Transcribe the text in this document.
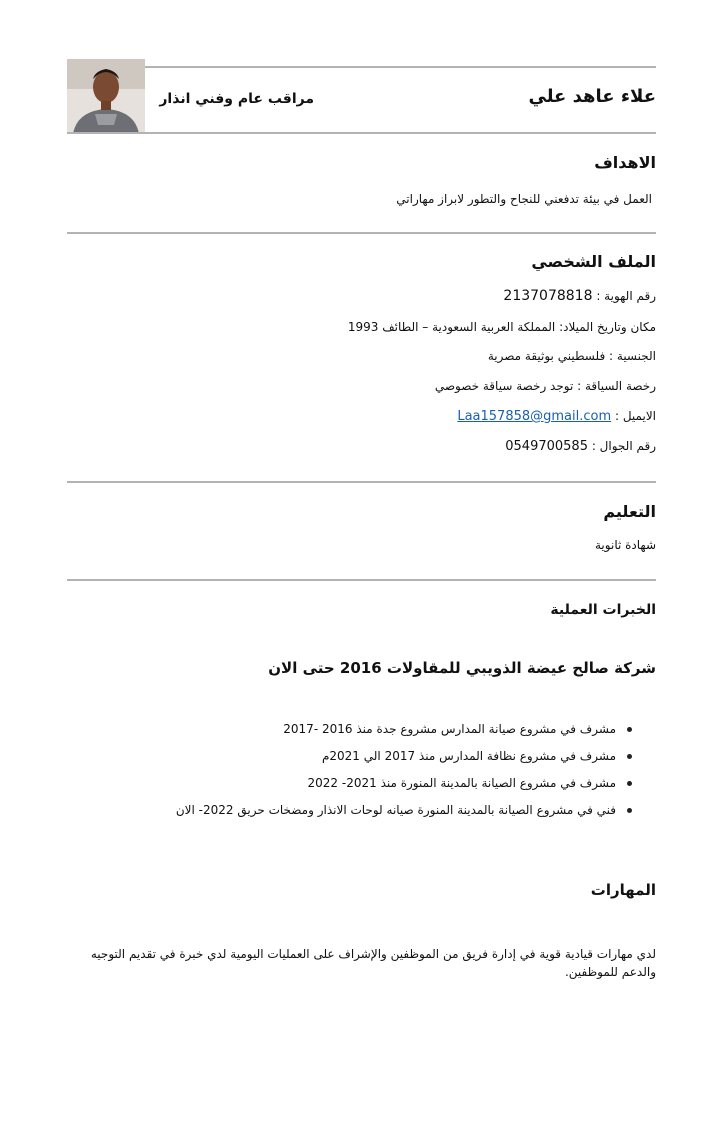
علاء عاهد علي
مراقب عام وفني انذار
الاهداف
العمل في بيئة تدفعني للنجاح والتطور لابراز مهاراتي
الملف الشخصي
رقم الهوية : 2137078818
مكان وتاريخ الميلاد: المملكة العربية السعودية – الطائف 1993
الجنسية : فلسطيني بوثيقة مصرية
رخصة السياقة : توجد رخصة سياقة خصوصي
الايميل : Laa157858@gmail.com
رقم الجوال : 0549700585
التعليم
شهادة ثانوية
الخبرات العملية
شركة صالح عيضة الذويبي للمقاولات 2016 حتى الان
مشرف في مشروع صيانة المدارس مشروع جدة منذ 2016 -2017
مشرف في مشروع نظافة المدارس منذ 2017 الي 2021م
مشرف في مشروع الصيانة بالمدينة المنورة منذ 2021- 2022
فني في مشروع الصيانة بالمدينة المنورة صيانه لوحات الانذار ومضخات حريق 2022- الان
المهارات
لدي مهارات قيادية قوية في إدارة فريق من الموظفين والإشراف على العمليات اليومية لدي خبرة في تقديم التوجيه والدعم للموظفين.
